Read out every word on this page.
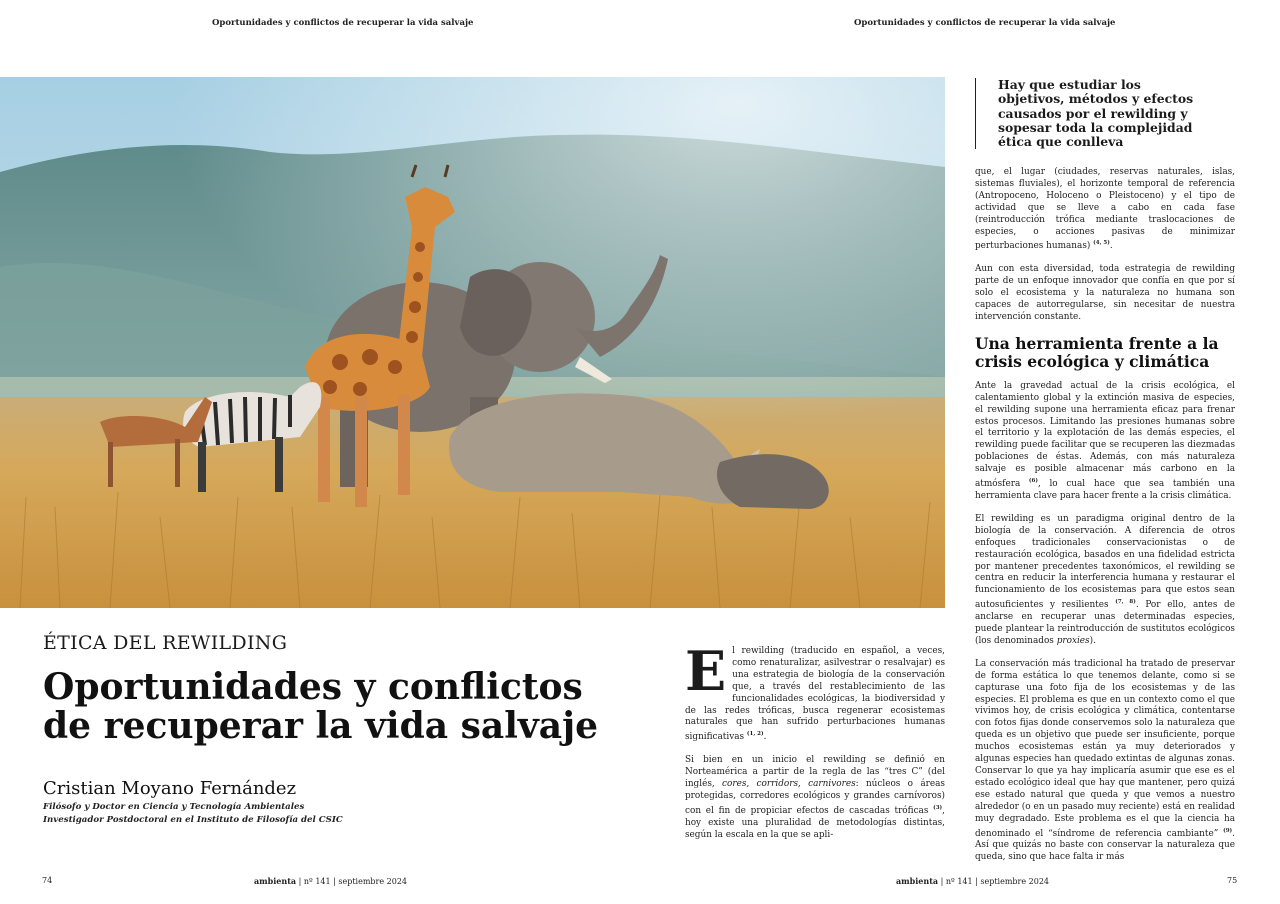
Oportunidades y conflictos de recuperar la vida salvaje	Oportunidades y conflictos de recuperar la vida salvaje

Hay que estudiar los objetivos, métodos y efectos causados por el rewilding y sopesar toda la complejidad ética que conlleva

que, el lugar (ciudades, reservas naturales, islas, sistemas fluviales), el horizonte temporal de referencia (Antropoceno, Holoceno o Pleistoceno) y el tipo de actividad que se lleve a cabo en cada fase (reintroducción trófica mediante traslocaciones de especies, o acciones pasivas de minimizar perturbaciones humanas) $^{(4, 5)}$.

Aun con esta diversidad, toda estrategia de rewilding parte de un enfoque innovador que confía en que por sí solo el ecosistema y la naturaleza no humana son capaces de autorregularse, sin necesitar de nuestra intervención constante.

Una herramienta frente a la crisis ecológica y climática

Ante la gravedad actual de la crisis ecológica, el calentamiento global y la extinción masiva de especies, el rewilding supone una herramienta eficaz para frenar estos procesos. Limitando las presiones humanas sobre el territorio y la explotación de las demás especies, el rewilding puede facilitar que se recuperen las diezmadas poblaciones de éstas. Además, con más naturaleza salvaje es posible almacenar más carbono en la atmósfera $^{(6)}$, lo cual hace que sea también una herramienta clave para hacer frente a la crisis climática.

El rewilding es un paradigma original dentro de la biología de la conservación. A diferencia de otros enfoques tradicionales conservacionistas o de restauración ecológica, basados en una fidelidad estricta por mantener precedentes taxonómicos, el rewilding se centra en reducir la interferencia humana y restaurar el funcionamiento de los ecosistemas para que estos sean autosuficientes y resilientes $^{(7, 8)}$. Por ello, antes de anclarse en recuperar unas determinadas especies, puede plantear la reintroducción de sustitutos ecológicos (los denominados proxies).

La conservación más tradicional ha tratado de preservar de forma estática lo que tenemos delante, como si se capturase una foto fija de los ecosistemas y de las especies. El problema es que en un contexto como el que vivimos hoy, de crisis ecológica y climática, contentarse con fotos fijas donde conservemos solo la naturaleza que queda es un objetivo que puede ser insuficiente, porque muchos ecosistemas están ya muy deteriorados y algunas especies han quedado extintas de algunas zonas. Conservar lo que ya hay implicaría asumir que ese es el estado ecológico ideal que hay que mantener, pero quizá ese estado natural que queda y que vemos a nuestro alrededor (o en un pasado muy reciente) está en realidad muy degradado. Este problema es el que la ciencia ha denominado el “síndrome de referencia cambiante” $^{(9)}$. Así que quizás no baste con conservar la naturaleza que queda, sino que hace falta ir más

El rewilding (traducido en español, a veces, como renaturalizar, asilvestrar o resalvajar) es una estrategia de biología de la conservación que, a través del restablecimiento de las funcionalidades ecológicas, la biodiversidad y de las redes tróficas, busca regenerar ecosistemas naturales que han sufrido perturbaciones humanas significativas $^{(1, 2)}$.

Si bien en un inicio el rewilding se definió en Norteamérica a partir de la regla de las “tres C” (del inglés, cores, corridors, carnivores: núcleos o áreas protegidas, corredores ecológicos y grandes carnívoros) con el fin de propiciar efectos de cascadas tróficas $^{(3)}$, hoy existe una pluralidad de metodologías distintas, según la escala en la que se apli-

ÉTICA DEL REWILDING
Oportunidades y conflictos
de recuperar la vida salvaje
Cristian Moyano Fernández
Filósofo y Doctor en Ciencia y Tecnología Ambientales
Investigador Postdoctoral en el Instituto de Filosofía del CSIC
74	ambienta | nº 141 | septiembre 2024	ambienta | nº 141 | septiembre 2024	75
